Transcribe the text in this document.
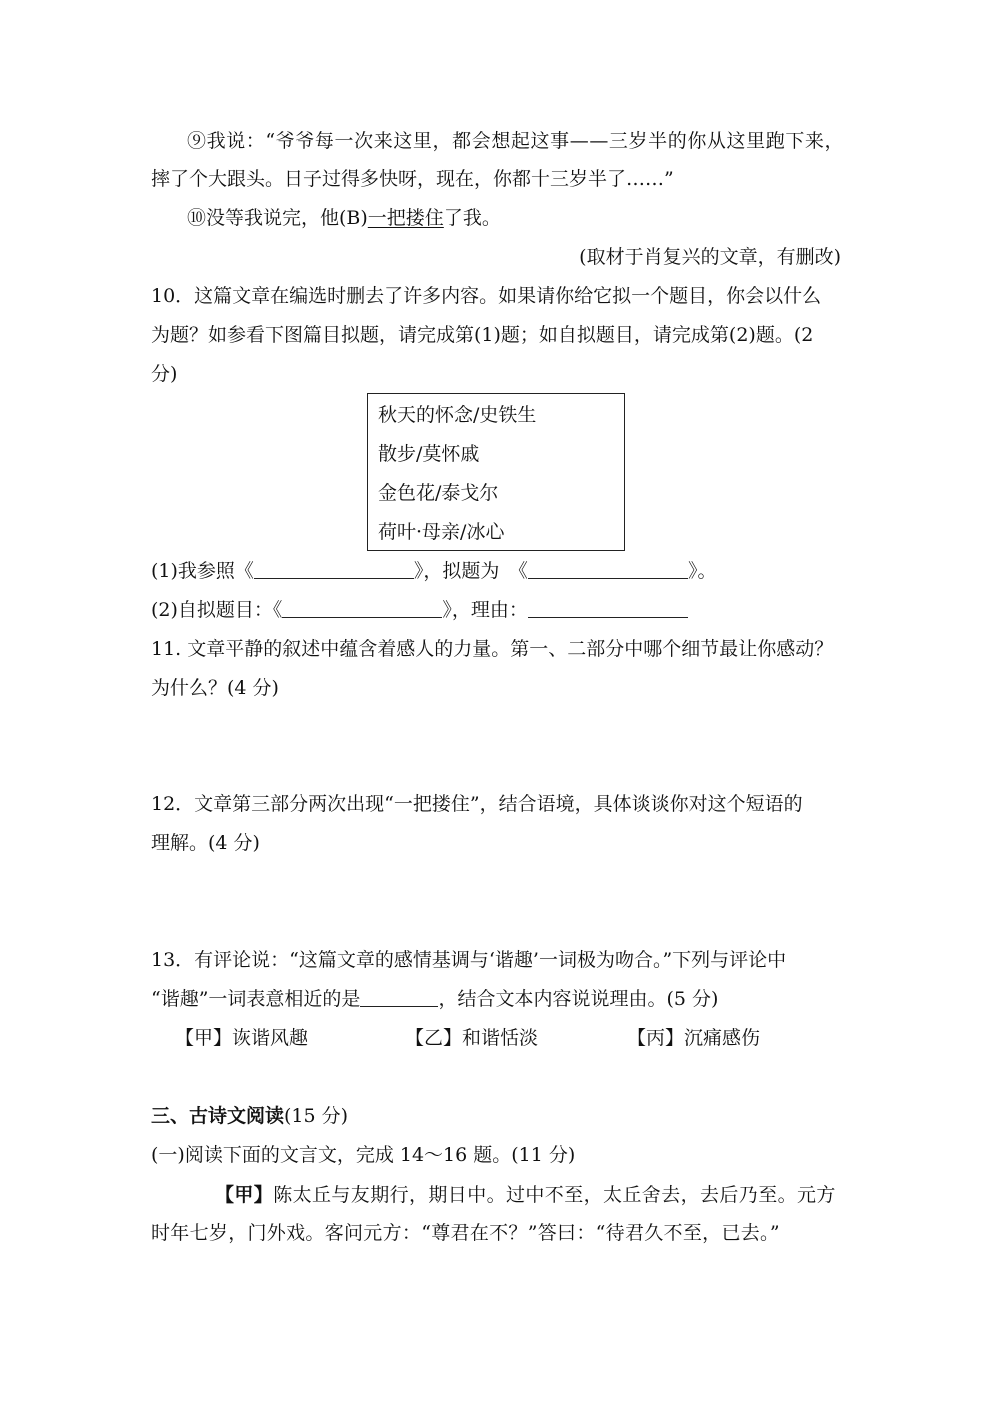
⑨我说：“爷爷每一次来这里，都会想起这事——三岁半的你从这里跑下来，
摔了个大跟头。日子过得多快呀，现在，你都十三岁半了……”
⑩没等我说完，他(B)一把搂住了我。
(取材于肖复兴的文章，有删改)
10．这篇文章在编选时删去了许多内容。如果请你给它拟一个题目，你会以什么
为题？如参看下图篇目拟题，请完成第(1)题；如自拟题目，请完成第(2)题。(2
分)
秋天的怀念/史铁生
散步/莫怀戚
金色花/泰戈尔
荷叶·母亲/冰心
(1)我参照《	》，拟题为　《	》。
(2)自拟题目：《	》，理由：
11. 文章平静的叙述中蕴含着感人的力量。第一、二部分中哪个细节最让你感动？
为什么？(4 分)
12．文章第三部分两次出现“一把搂住”，结合语境，具体谈谈你对这个短语的
理解。(4 分)
13．有评论说：“这篇文章的感情基调与‘谐趣’一词极为吻合。”下列与评论中
“谐趣”一词表意相近的是	，结合文本内容说说理由。(5 分)
【甲】诙谐风趣	【乙】和谐恬淡	【丙】沉痛感伤
三、古诗文阅读(15 分)
(一)阅读下面的文言文，完成 14～16 题。(11 分)
【甲】陈太丘与友期行，期日中。过中不至，太丘舍去，去后乃至。元方
时年七岁，门外戏。客问元方：“尊君在不？”答曰：“待君久不至，已去。”
